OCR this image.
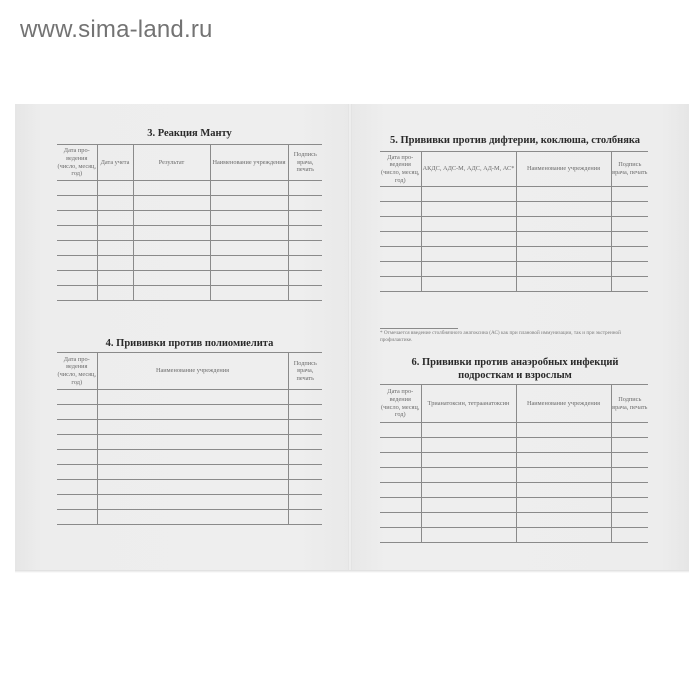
www.sima-land.ru
3. Реакция Манту
Дата про-ведения (число, месяц, год)	Дата учета	Результат	Наименование учреждения	Подпись врача, печать

4. Прививки против полиомиелита
Дата про-ведения (число, месяц, год)	Наименование учреждения	Подпись врача, печать

5. Прививки против дифтерии, коклюша, столбняка
Дата про-ведения (число, месяц, год)	АКДС, АДС-М, АДС, АД-М, АС*	Наименование учреждения	Подпись врача, печать

* Отмечается введение столбнячного анатоксина (АС) как при плановой иммунизации, так и при экстренной профилактике.
6. Прививки против анаэробных инфекций
подросткам и взрослым
Дата про-ведения (число, месяц, год)	Трианатоксин, тетраанатоксин	Наименование учреждения	Подпись врача, печать
